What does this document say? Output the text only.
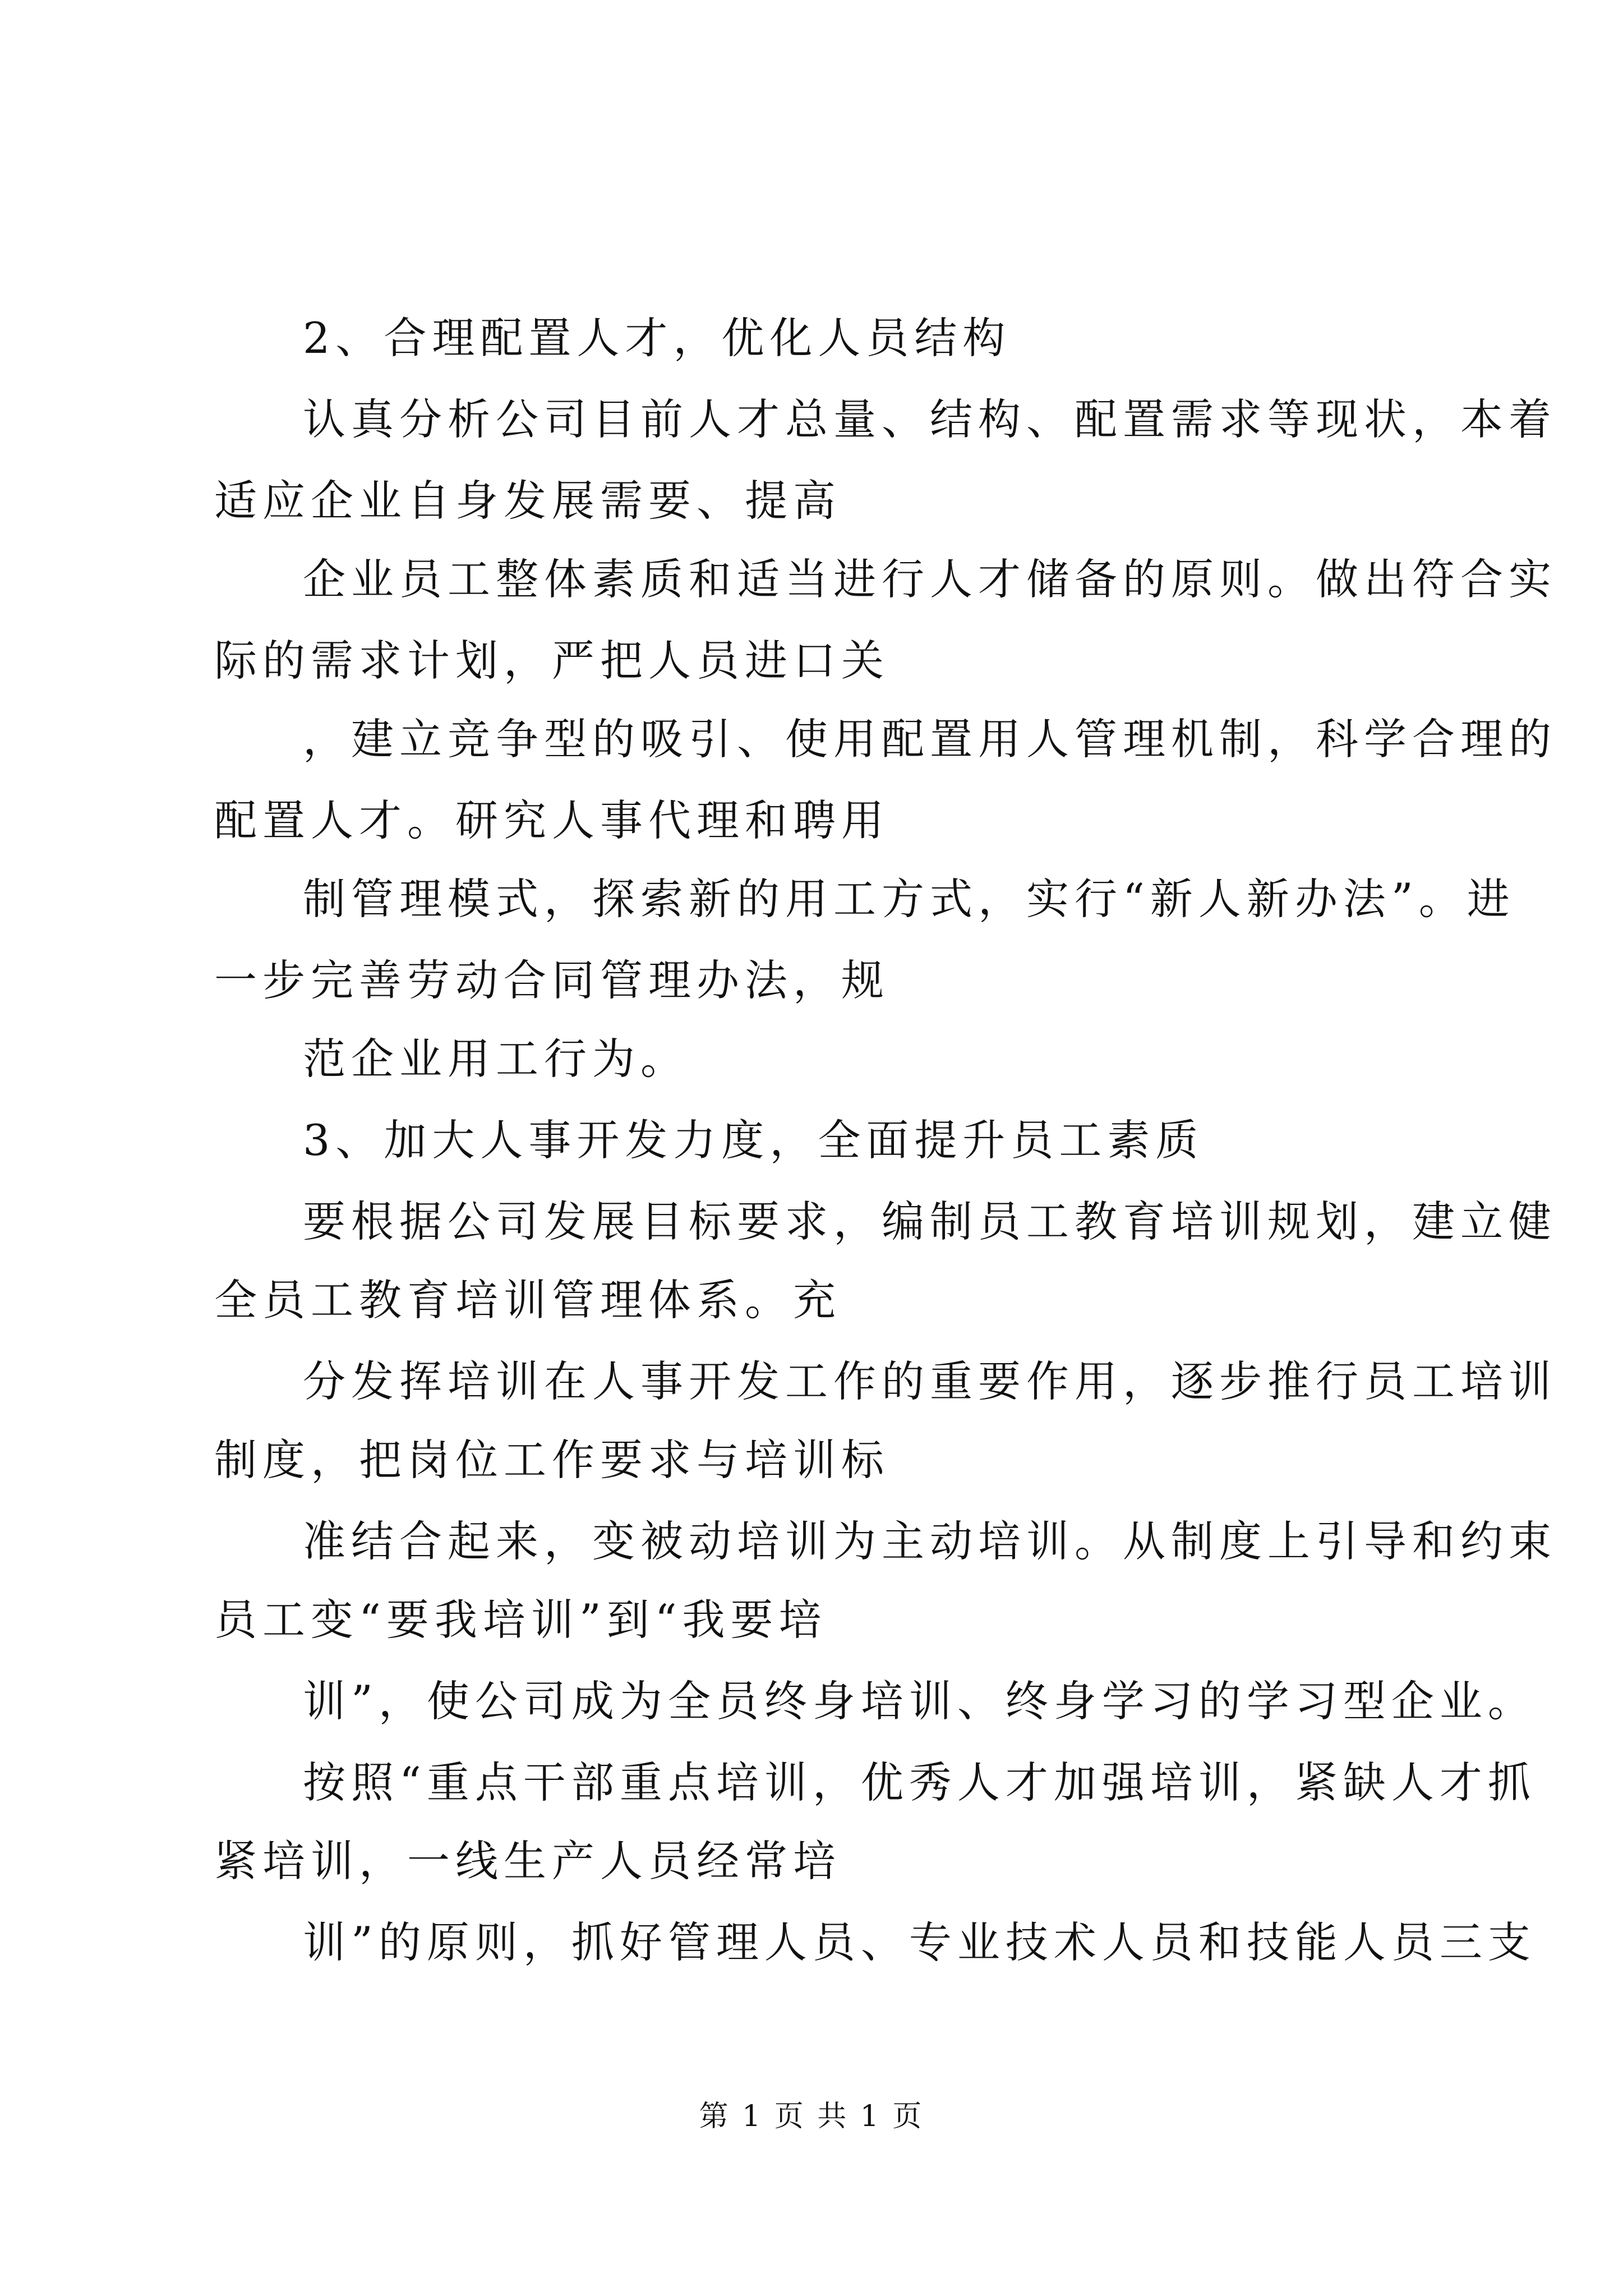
2、合理配置人才，优化人员结构
认真分析公司目前人才总量、结构、配置需求等现状，本着
适应企业自身发展需要、提高
企业员工整体素质和适当进行人才储备的原则。做出符合实
际的需求计划，严把人员进口关
，建立竞争型的吸引、使用配置用人管理机制，科学合理的
配置人才。研究人事代理和聘用
制管理模式，探索新的用工方式，实行“新人新办法”。进
一步完善劳动合同管理办法，规
范企业用工行为。
3、加大人事开发力度，全面提升员工素质
要根据公司发展目标要求，编制员工教育培训规划，建立健
全员工教育培训管理体系。充
分发挥培训在人事开发工作的重要作用，逐步推行员工培训
制度，把岗位工作要求与培训标
准结合起来，变被动培训为主动培训。从制度上引导和约束
员工变“要我培训”到“我要培
训”，使公司成为全员终身培训、终身学习的学习型企业。
按照“重点干部重点培训，优秀人才加强培训，紧缺人才抓
紧培训，一线生产人员经常培
训”的原则，抓好管理人员、专业技术人员和技能人员三支
第 1 页 共 1 页
